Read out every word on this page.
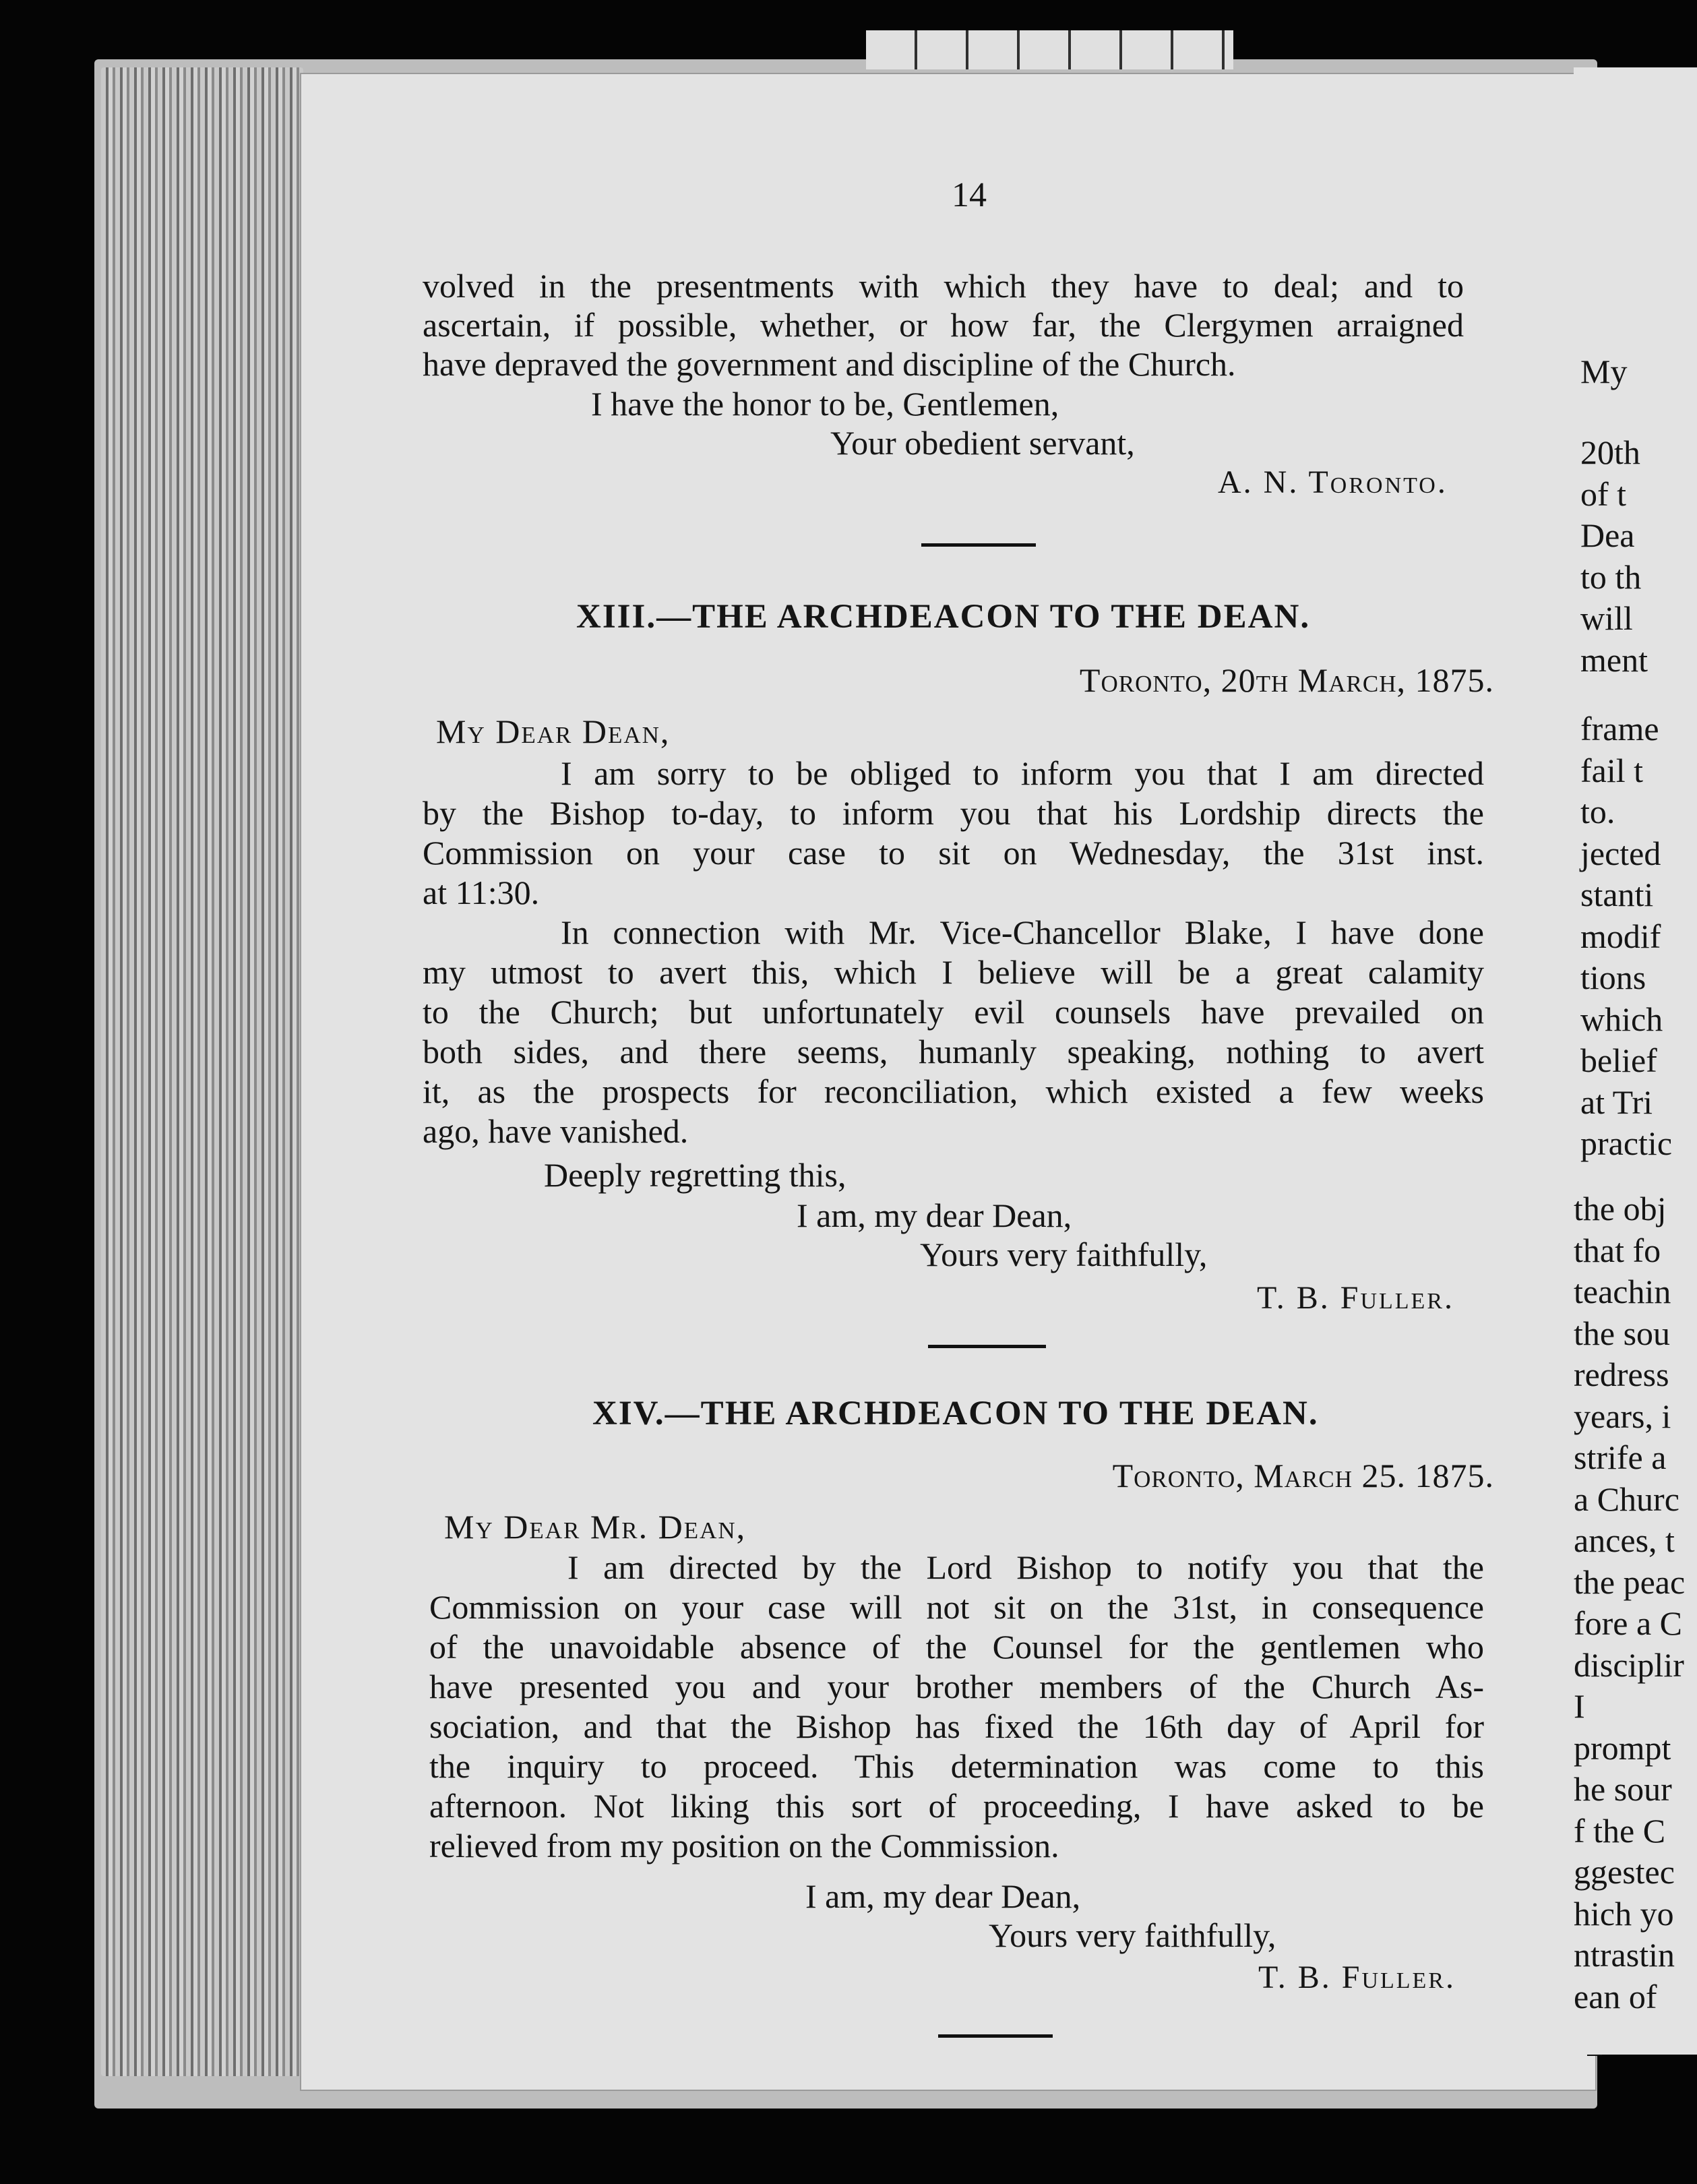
14
volved in the presentments with which they have to deal; and to
ascertain, if possible, whether, or how far, the Clergymen arraigned
have depraved the government and discipline of the Church.
I have the honor to be, Gentlemen,
Your obedient servant,
A. N. Toronto.
XIII.—THE ARCHDEACON TO THE DEAN.
Toronto, 20th March, 1875.
My Dear Dean,
I am sorry to be obliged to inform you that I am directed
by the Bishop to-day, to inform you that his Lordship directs the
Commission on your case to sit on Wednesday, the 31st inst.
at 11:30.
In connection with Mr. Vice-Chancellor Blake, I have done
my utmost to avert this, which I believe will be a great calamity
to the Church; but unfortunately evil counsels have prevailed on
both sides, and there seems, humanly speaking, nothing to avert
it, as the prospects for reconciliation, which existed a few weeks
ago, have vanished.
Deeply regretting this,
I am, my dear Dean,
Yours very faithfully,
T. B. Fuller.
XIV.—THE ARCHDEACON TO THE DEAN.
Toronto, March 25. 1875.
My Dear Mr. Dean,
I am directed by the Lord Bishop to notify you that the
Commission on your case will not sit on the 31st, in consequence
of the unavoidable absence of the Counsel for the gentlemen who
have presented you and your brother members of the Church As-
sociation, and that the Bishop has fixed the 16th day of April for
the inquiry to proceed. This determination was come to this
afternoon. Not liking this sort of proceeding, I have asked to be
relieved from my position on the Commission.
I am, my dear Dean,
Yours very faithfully,
T. B. Fuller.
My
20th
of t
Dea
to th
will
ment
frame
fail t
to.
jected
stanti
modif
tions
which
belief
at Tri
practic
the obj
that fo
teachin
the sou
redress
years, i
strife a
a Churc
ances, t
the peac
fore a C
disciplir
I
prompt
he sour
f the C
ggestec
hich yo
ntrastin
ean of
